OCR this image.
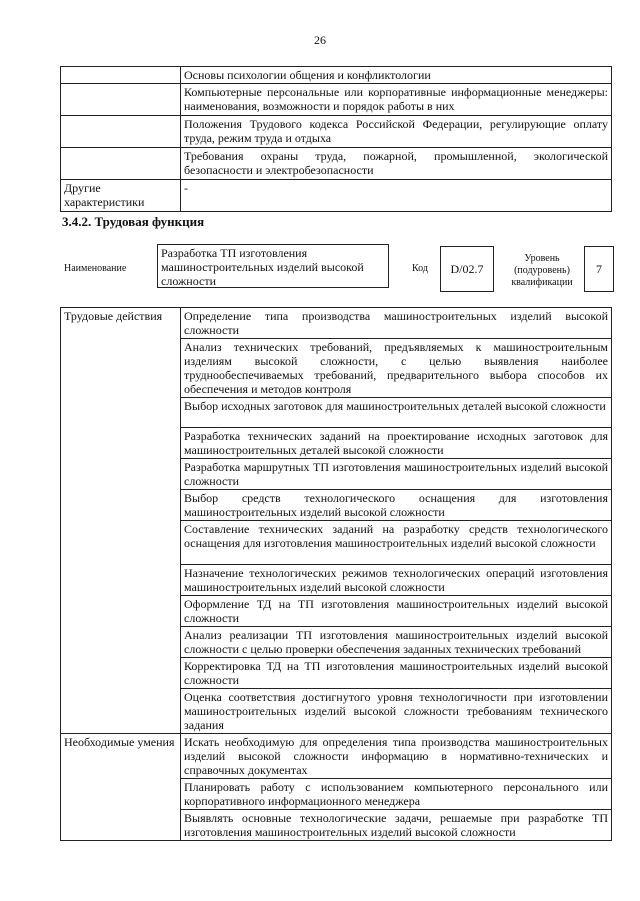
26
	Основы психологии общения и конфликтологии
	Компьютерные персональные или корпоративные информационные менеджеры: наименования, возможности и порядок работы в них
	Положения Трудового кодекса Российской Федерации, регулирующие оплату труда, режим труда и отдыха
	Требования охраны труда, пожарной, промышленной, экологической безопасности и электробезопасности
Другие характеристики	-
3.4.2. Трудовая функция
Наименование
Разработка ТП изготовления машиностроительных изделий высокой сложности
Код	D/02.7
Уровень (подуровень) квалификации
7
Трудовые действия	Определение типа производства машиностроительных изделий высокой сложности
	Анализ технических требований, предъявляемых к машиностроительным изделиям высокой сложности, с целью выявления наиболее труднообеспечиваемых требований, предварительного выбора способов их обеспечения и методов контроля
	Выбор исходных заготовок для машиностроительных деталей высокой сложности
	Разработка технических заданий на проектирование исходных заготовок для машиностроительных деталей высокой сложности
	Разработка маршрутных ТП изготовления машиностроительных изделий высокой сложности
	Выбор средств технологического оснащения для изготовления машиностроительных изделий высокой сложности
	Составление технических заданий на разработку средств технологического оснащения для изготовления машиностроительных изделий высокой сложности
	Назначение технологических режимов технологических операций изготовления машиностроительных изделий высокой сложности
	Оформление ТД на ТП изготовления машиностроительных изделий высокой сложности
	Анализ реализации ТП изготовления машиностроительных изделий высокой сложности с целью проверки обеспечения заданных технических требований
	Корректировка ТД на ТП изготовления машиностроительных изделий высокой сложности
	Оценка соответствия достигнутого уровня технологичности при изготовлении машиностроительных изделий высокой сложности требованиям технического задания
Необходимые умения	Искать необходимую для определения типа производства машиностроительных изделий высокой сложности информацию в нормативно-технических и справочных документах
	Планировать работу с использованием компьютерного персонального или корпоративного информационного менеджера
	Выявлять основные технологические задачи, решаемые при разработке ТП изготовления машиностроительных изделий высокой сложности
